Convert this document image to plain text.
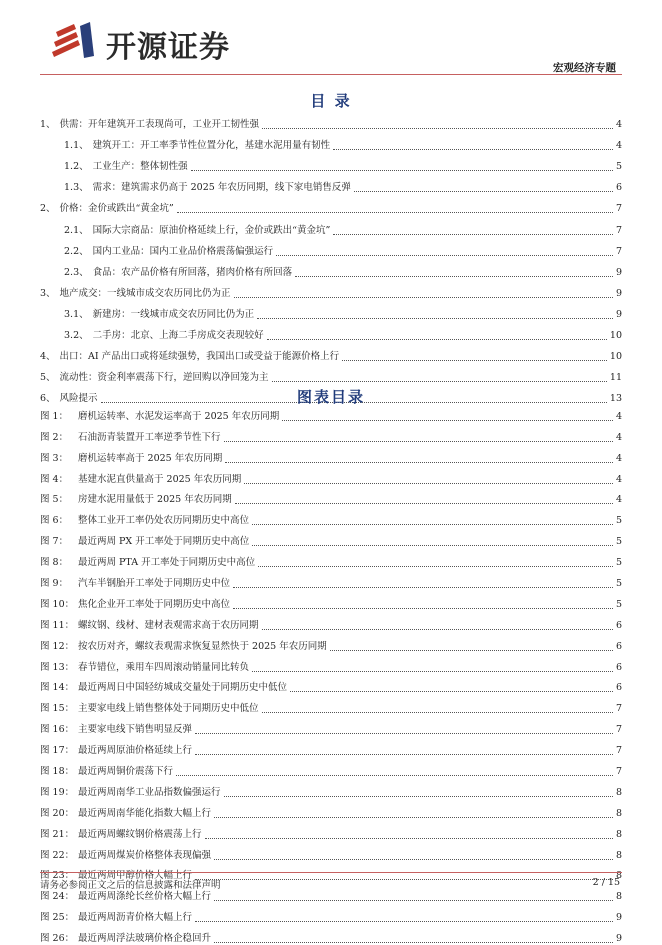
开源证券
宏观经济专题
目 录
1、 供需：开年建筑开工表现尚可，工业开工韧性强	4
1.1、 建筑开工：开工率季节性位置分化，基建水泥用量有韧性	4
1.2、 工业生产：整体韧性强	5
1.3、 需求：建筑需求仍高于 2025 年农历同期，线下家电销售反弹	6
2、 价格：金价或跌出“黄金坑”	7
2.1、 国际大宗商品：原油价格延续上行，金价或跌出“黄金坑”	7
2.2、 国内工业品：国内工业品价格震荡偏强运行	7
2.3、 食品：农产品价格有所回落，猪肉价格有所回落	9
3、 地产成交：一线城市成交农历同比仍为正	9
3.1、 新建房：一线城市成交农历同比仍为正	9
3.2、 二手房：北京、上海二手房成交表现较好	10
4、 出口：AI 产品出口或将延续强势，我国出口或受益于能源价格上行	10
5、 流动性：资金利率震荡下行，逆回购以净回笼为主	11
6、 风险提示	13
图表目录
图 1：	磨机运转率、水泥发运率高于 2025 年农历同期	4
图 2：	石油沥青装置开工率逆季节性下行	4
图 3：	磨机运转率高于 2025 年农历同期	4
图 4：	基建水泥直供量高于 2025 年农历同期	4
图 5：	房建水泥用量低于 2025 年农历同期	4
图 6：	整体工业开工率仍处农历同期历史中高位	5
图 7：	最近两周 PX 开工率处于同期历史中高位	5
图 8：	最近两周 PTA 开工率处于同期历史中高位	5
图 9：	汽车半钢胎开工率处于同期历史中位	5
图 10： 焦化企业开工率处于同期历史中高位	5
图 11： 螺纹钢、线材、建材表观需求高于农历同期	6
图 12： 按农历对齐，螺纹表观需求恢复显然快于 2025 年农历同期	6
图 13： 春节错位，乘用车四周滚动销量同比转负	6
图 14： 最近两周日中国轻纺城成交量处于同期历史中低位	6
图 15： 主要家电线上销售整体处于同期历史中低位	7
图 16： 主要家电线下销售明显反弹	7
图 17： 最近两周原油价格延续上行	7
图 18： 最近两周铜价震荡下行	7
图 19： 最近两周南华工业品指数偏强运行	8
图 20： 最近两周南华能化指数大幅上行	8
图 21： 最近两周螺纹钢价格震荡上行	8
图 22： 最近两周煤炭价格整体表现偏强	8
图 23： 最近两周甲醇价格大幅上行	8
图 24： 最近两周涤纶长丝价格大幅上行	8
图 25： 最近两周沥青价格大幅上行	9
图 26： 最近两周浮法玻璃价格企稳回升	9
请务必参阅正文之后的信息披露和法律声明	2 / 15
